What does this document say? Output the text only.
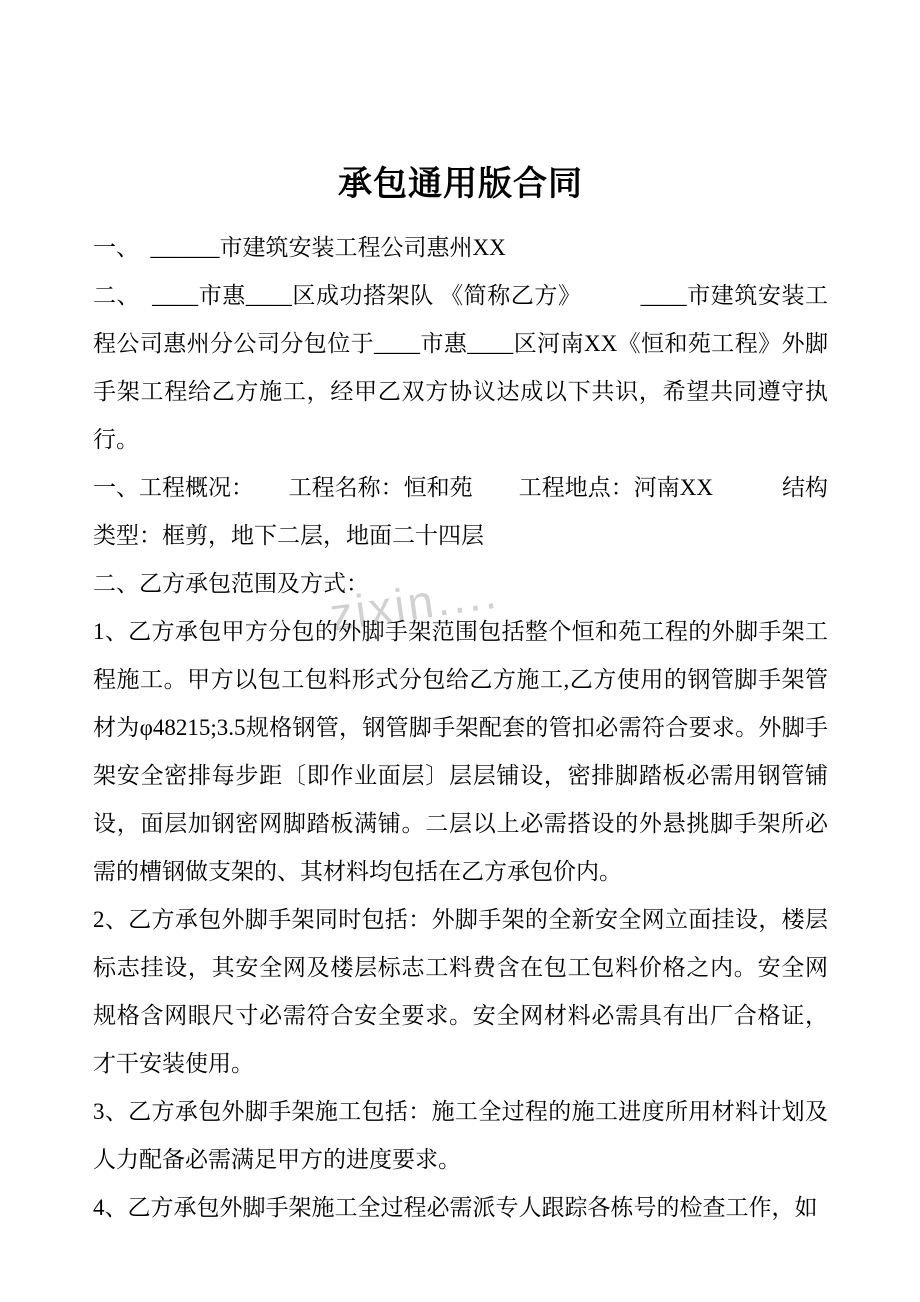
zixin....
承包通用版合同

一、　______市建筑安装工程公司惠州XX

二、　____市惠____区成功搭架队 《简称乙方》　　　____市建筑安装工程公司惠州分公司分包位于____市惠____区河南XX《恒和苑工程》外脚手架工程给乙方施工，经甲乙双方协议达成以下共识，希望共同遵守执行。

一、工程概况：　　工程名称：恒和苑　　工程地点：河南XX　　　结构类型：框剪，地下二层，地面二十四层

二、乙方承包范围及方式：

1、乙方承包甲方分包的外脚手架范围包括整个恒和苑工程的外脚手架工程施工。甲方以包工包料形式分包给乙方施工,乙方使用的钢管脚手架管材为φ48215;3.5规格钢管，钢管脚手架配套的管扣必需符合要求。外脚手架安全密排每步距〔即作业面层〕层层铺设，密排脚踏板必需用钢管铺设，面层加钢密网脚踏板满铺。二层以上必需搭设的外悬挑脚手架所必需的槽钢做支架的、其材料均包括在乙方承包价内。

2、乙方承包外脚手架同时包括：外脚手架的全新安全网立面挂设，楼层标志挂设，其安全网及楼层标志工料费含在包工包料价格之内。安全网规格含网眼尺寸必需符合安全要求。安全网材料必需具有出厂合格证，才干安装使用。

3、乙方承包外脚手架施工包括：施工全过程的施工进度所用材料计划及人力配备必需满足甲方的进度要求。

4、乙方承包外脚手架施工全过程必需派专人跟踪各栋号的检查工作，如
